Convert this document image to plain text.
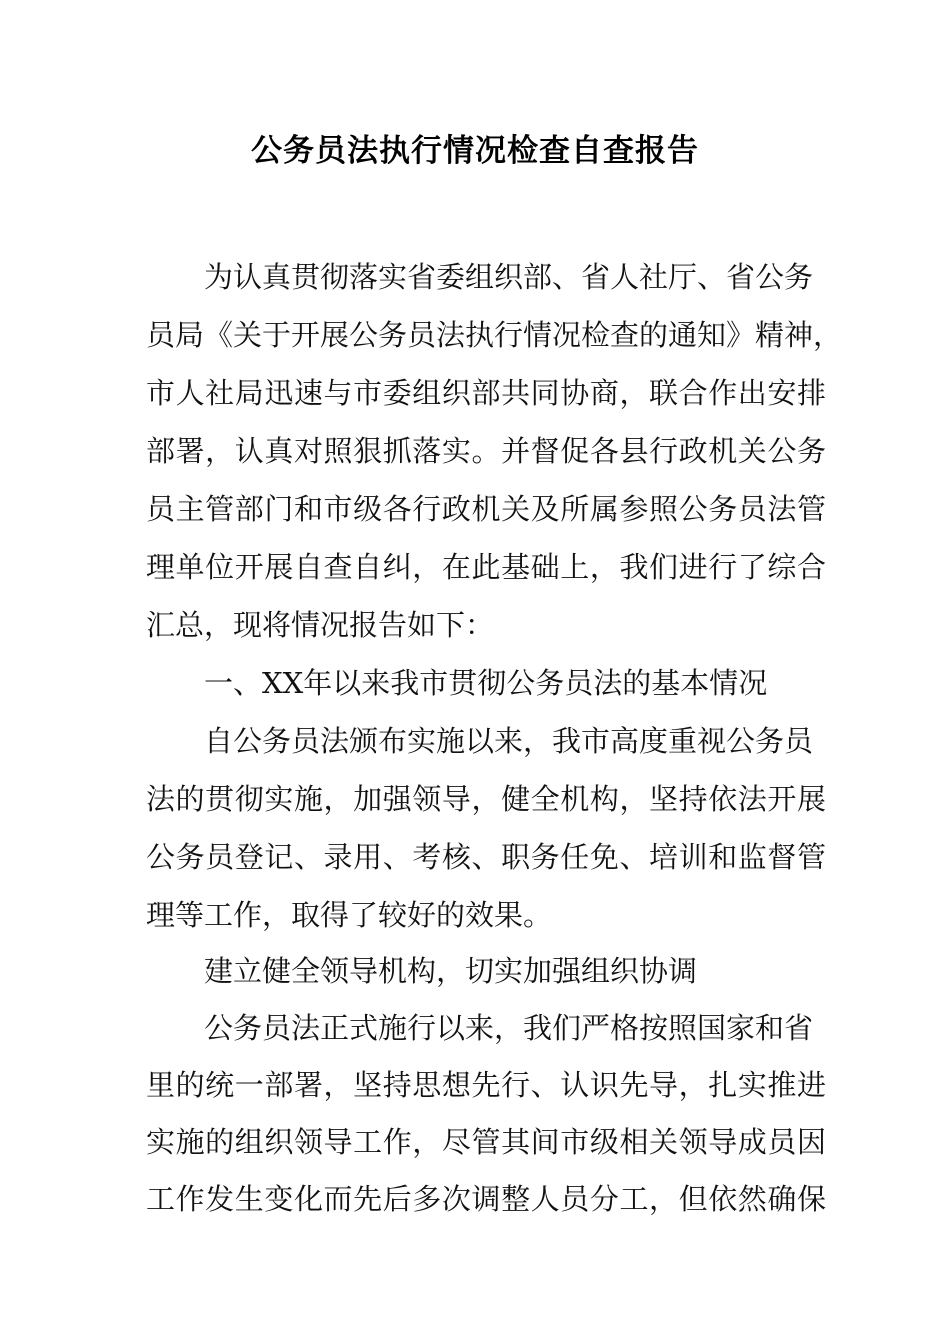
公务员法执行情况检查自查报告
为认真贯彻落实省委组织部、省人社厅、省公务
员局《关于开展公务员法执行情况检查的通知》精神，
市人社局迅速与市委组织部共同协商，联合作出安排
部署，认真对照狠抓落实。并督促各县行政机关公务
员主管部门和市级各行政机关及所属参照公务员法管
理单位开展自查自纠，在此基础上，我们进行了综合
汇总，现将情况报告如下：
一、XX年以来我市贯彻公务员法的基本情况
自公务员法颁布实施以来，我市高度重视公务员
法的贯彻实施，加强领导，健全机构，坚持依法开展
公务员登记、录用、考核、职务任免、培训和监督管
理等工作，取得了较好的效果。
建立健全领导机构，切实加强组织协调
公务员法正式施行以来，我们严格按照国家和省
里的统一部署，坚持思想先行、认识先导，扎实推进
实施的组织领导工作，尽管其间市级相关领导成员因
工作发生变化而先后多次调整人员分工，但依然确保
